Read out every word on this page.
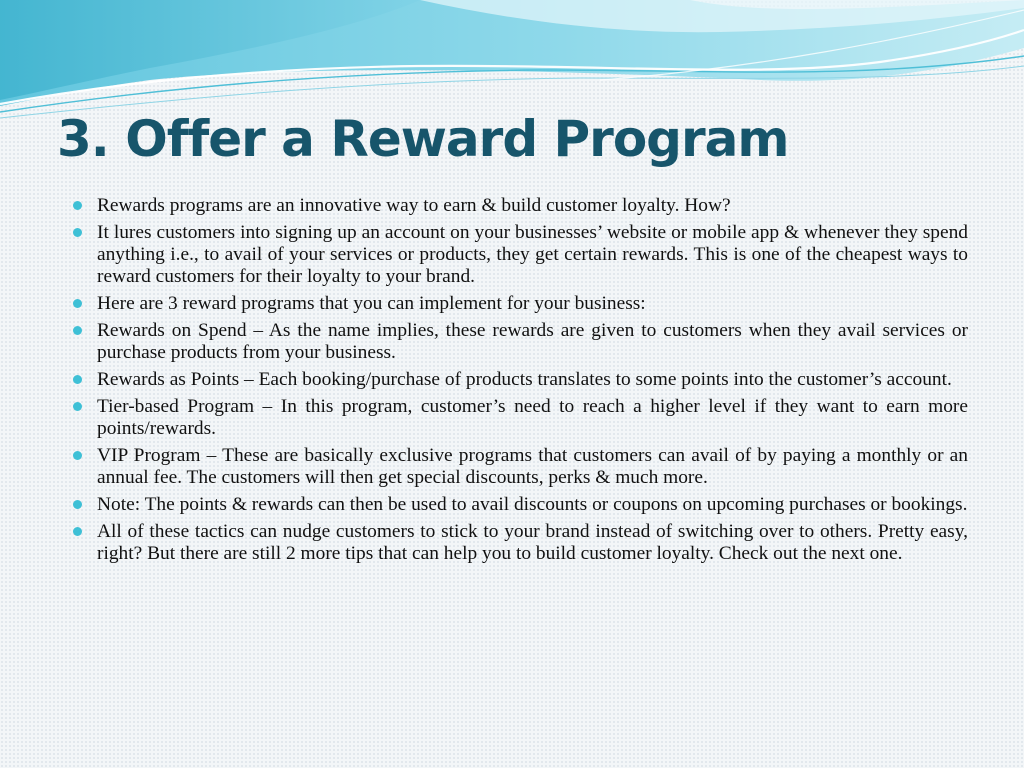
3. Offer a Reward Program
Rewards programs are an innovative way to earn & build customer loyalty. How?
It lures customers into signing up an account on your businesses’ website or mobile app & whenever they spend anything i.e., to avail of your services or products, they get certain rewards. This is one of the cheapest ways to reward customers for their loyalty to your brand.
Here are 3 reward programs that you can implement for your business:
Rewards on Spend – As the name implies, these rewards are given to customers when they avail services or purchase products from your business.
Rewards as Points – Each booking/purchase of products translates to some points into the customer’s account.
Tier-based Program – In this program, customer’s need to reach a higher level if they want to earn more points/rewards.
VIP Program – These are basically exclusive programs that customers can avail of by paying a monthly or an annual fee. The customers will then get special discounts, perks & much more.
Note: The points & rewards can then be used to avail discounts or coupons on upcoming purchases or bookings.
All of these tactics can nudge customers to stick to your brand instead of switching over to others. Pretty easy, right? But there are still 2 more tips that can help you to build customer loyalty. Check out the next one.
